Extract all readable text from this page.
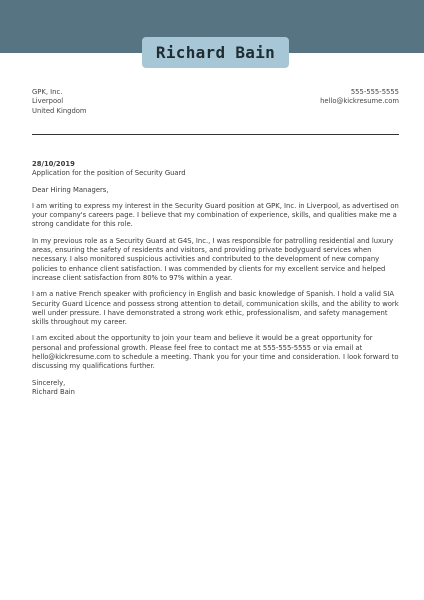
Richard Bain
GPK, Inc.
Liverpool
United Kingdom
555-555-5555
hello@kickresume.com
28/10/2019
Application for the position of Security Guard
Dear Hiring Managers,

I am writing to express my interest in the Security Guard position at GPK, Inc. in Liverpool, as advertised on your company's careers page. I believe that my combination of experience, skills, and qualities make me a strong candidate for this role.

In my previous role as a Security Guard at G4S, Inc., I was responsible for patrolling residential and luxury areas, ensuring the safety of residents and visitors, and providing private bodyguard services when necessary. I also monitored suspicious activities and contributed to the development of new company policies to enhance client satisfaction. I was commended by clients for my excellent service and helped increase client satisfaction from 80% to 97% within a year.

I am a native French speaker with proficiency in English and basic knowledge of Spanish. I hold a valid SIA Security Guard Licence and possess strong attention to detail, communication skills, and the ability to work well under pressure. I have demonstrated a strong work ethic, professionalism, and safety management skills throughout my career.

I am excited about the opportunity to join your team and believe it would be a great opportunity for personal and professional growth. Please feel free to contact me at 555-555-5555 or via email at hello@kickresume.com to schedule a meeting. Thank you for your time and consideration. I look forward to discussing my qualifications further.

Sincerely,
Richard Bain
